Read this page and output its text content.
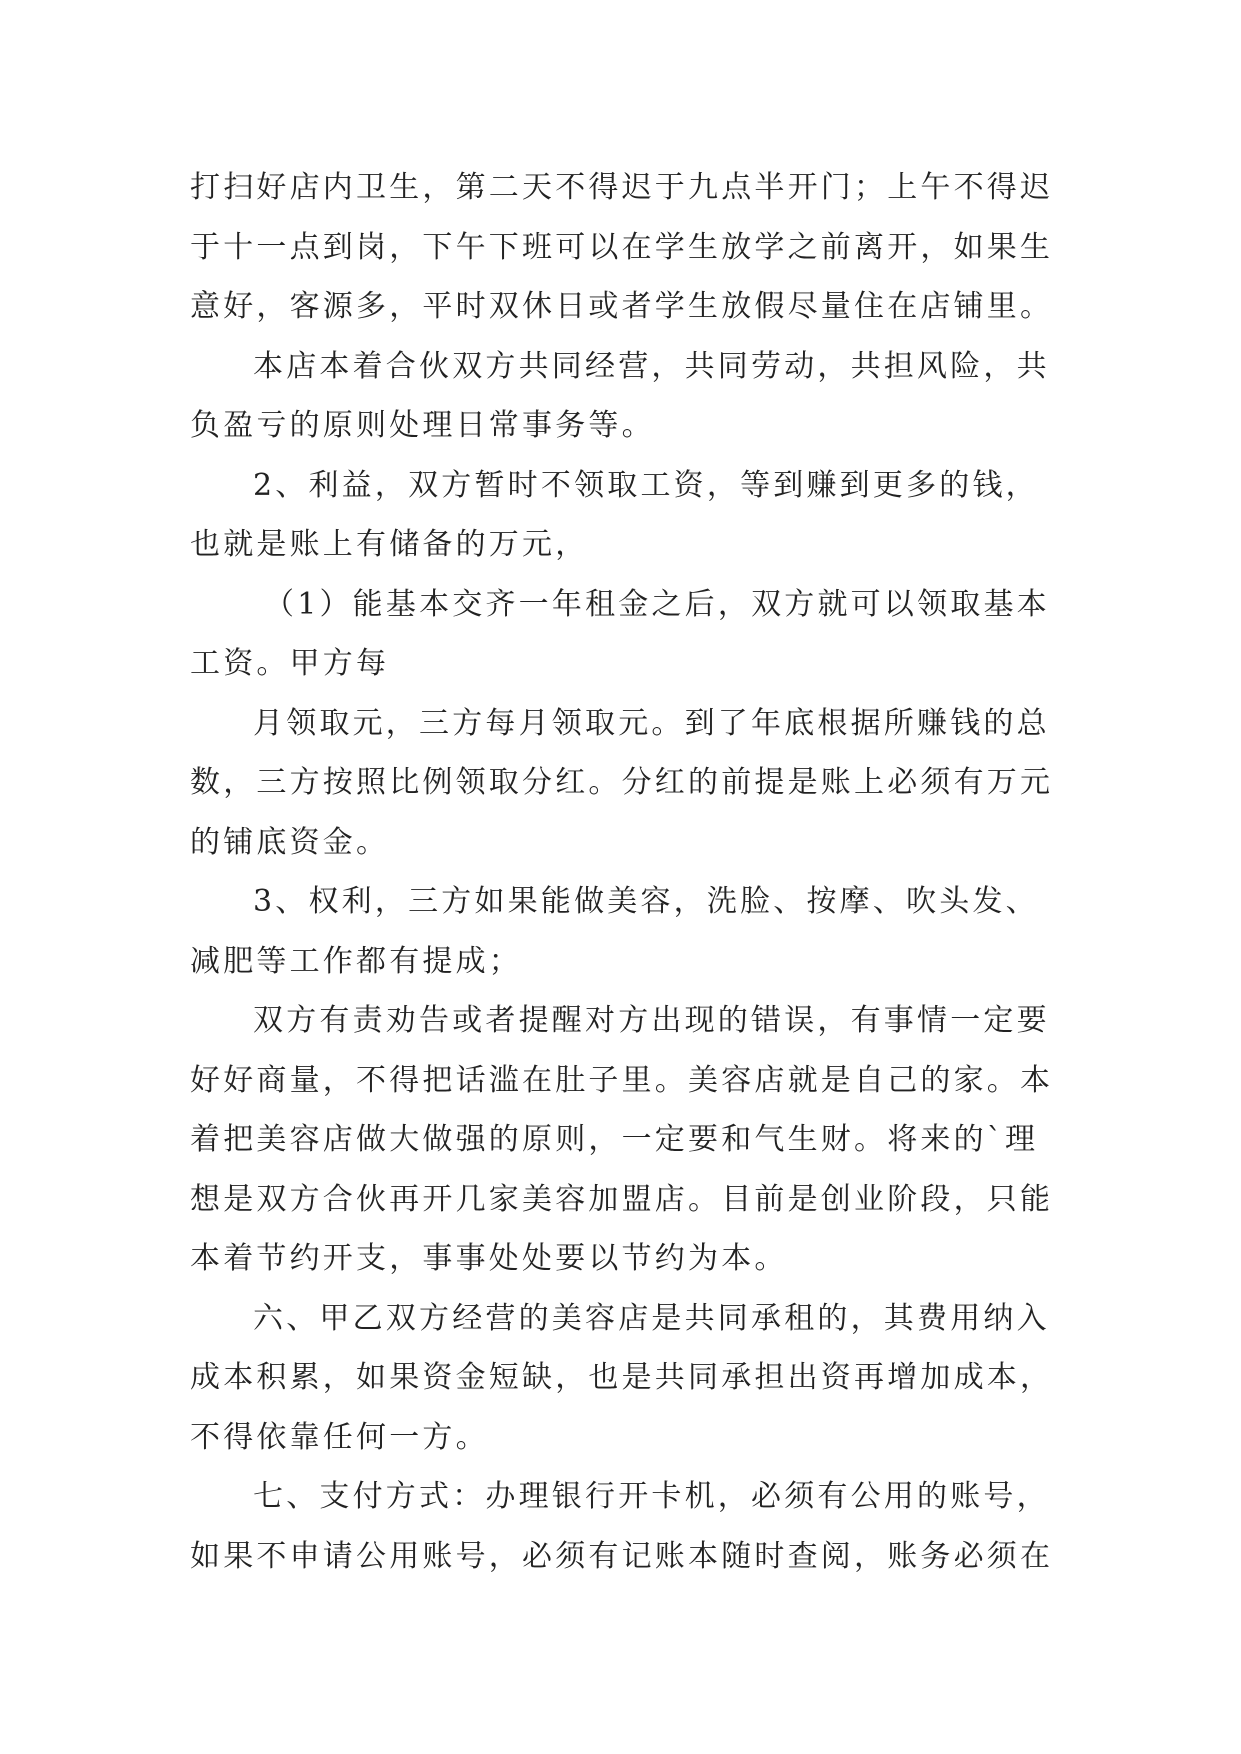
打扫好店内卫生，第二天不得迟于九点半开门；上午不得迟
于十一点到岗，下午下班可以在学生放学之前离开，如果生
意好，客源多，平时双休日或者学生放假尽量住在店铺里。
本店本着合伙双方共同经营，共同劳动，共担风险，共
负盈亏的原则处理日常事务等。
2、利益，双方暂时不领取工资，等到赚到更多的钱，
也就是账上有储备的万元，
（1）能基本交齐一年租金之后，双方就可以领取基本
工资。甲方每
月领取元，三方每月领取元。到了年底根据所赚钱的总
数，三方按照比例领取分红。分红的前提是账上必须有万元
的铺底资金。
3、权利，三方如果能做美容，洗脸、按摩、吹头发、
减肥等工作都有提成；
双方有责劝告或者提醒对方出现的错误，有事情一定要
好好商量，不得把话滥在肚子里。美容店就是自己的家。本
着把美容店做大做强的原则，一定要和气生财。将来的`理
想是双方合伙再开几家美容加盟店。目前是创业阶段，只能
本着节约开支，事事处处要以节约为本。
六、甲乙双方经营的美容店是共同承租的，其费用纳入
成本积累，如果资金短缺，也是共同承担出资再增加成本，
不得依靠任何一方。
七、支付方式：办理银行开卡机，必须有公用的账号，
如果不申请公用账号，必须有记账本随时查阅，账务必须在
